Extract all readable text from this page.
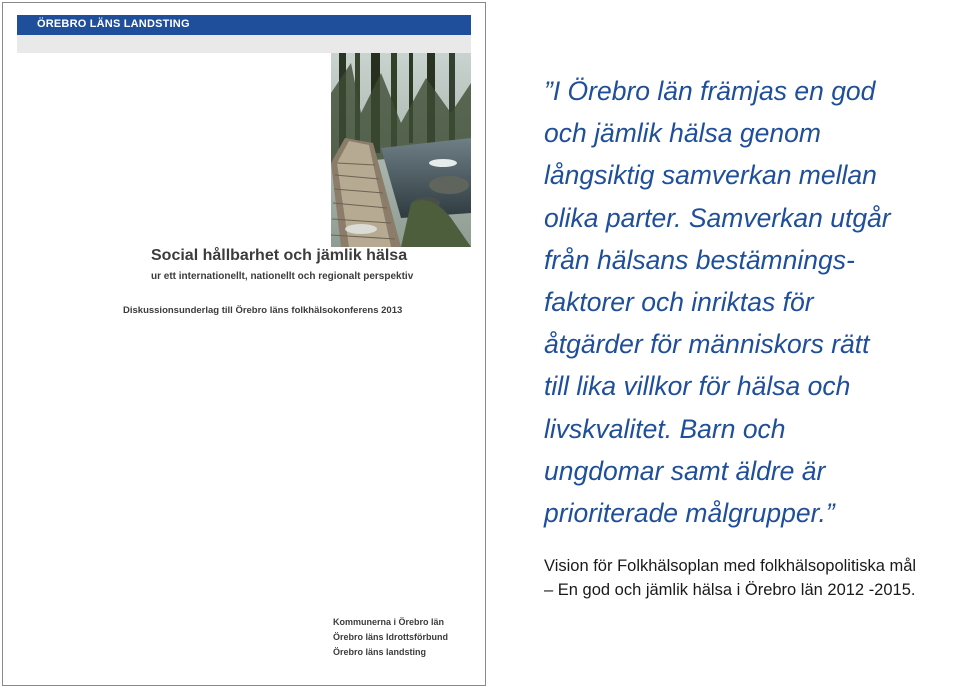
ÖREBRO LÄNS LANDSTING
Social hållbarhet och jämlik hälsa
ur ett internationellt, nationellt och regionalt perspektiv
Diskussionsunderlag till Örebro läns folkhälsokonferens 2013
Kommunerna i Örebro län
Örebro läns Idrottsförbund
Örebro läns landsting
”I Örebro län främjas en god
och jämlik hälsa genom
långsiktig samverkan mellan
olika parter. Samverkan utgår
från hälsans bestämnings-
faktorer och inriktas för
åtgärder för människors rätt
till lika villkor för hälsa och
livskvalitet. Barn och
ungdomar samt äldre är
prioriterade målgrupper.”
Vision för Folkhälsoplan med folkhälsopolitiska mål
– En god och jämlik hälsa i Örebro län 2012 -2015.
